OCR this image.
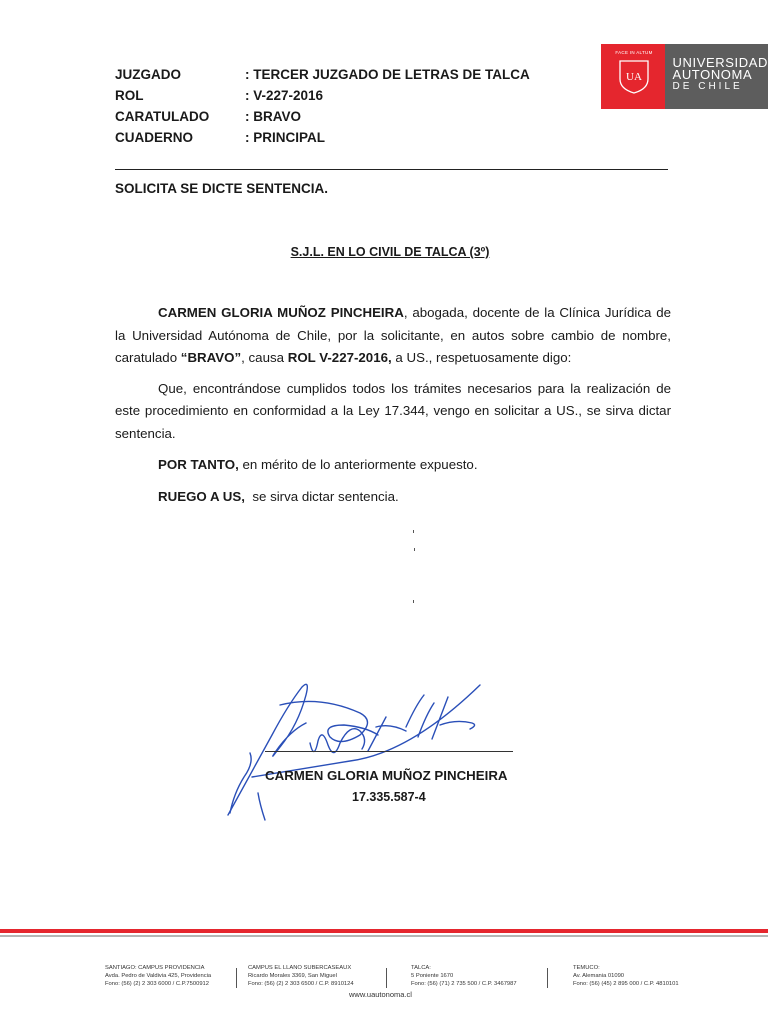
JUZGADO	: TERCER JUZGADO DE LETRAS DE TALCA
ROL	: V-227-2016
CARATULADO	: BRAVO
CUADERNO	: PRINCIPAL
FACE IN ALTUM
UA
UNIVERSIDAD
AUTONOMA
DE CHILE
SOLICITA SE DICTE SENTENCIA.
S.J.L. EN LO CIVIL DE TALCA (3º)

CARMEN GLORIA MUÑOZ PINCHEIRA, abogada, docente de la Clínica Jurídica de la Universidad Autónoma de Chile, por la solicitante, en autos sobre cambio de nombre, caratulado “BRAVO”, causa ROL V-227-2016, a US., respetuosamente digo:

Que, encontrándose cumplidos todos los trámites necesarios para la realización de este procedimiento en conformidad a la Ley 17.344, vengo en solicitar a US., se sirva dictar sentencia.

POR TANTO, en mérito de lo anteriormente expuesto.

RUEGO A US,  se sirva dictar sentencia.

CARMEN GLORIA MUÑOZ PINCHEIRA
17.335.587-4
SANTIAGO: CAMPUS PROVIDENCIA
Avda. Pedro de Valdivia 425, Providencia
Fono: (56) (2) 2 303 6000 / C.P.7500912
CAMPUS EL LLANO SUBERCASEAUX
Ricardo Morales 3369, San Miguel
Fono: (56) (2) 2 303 6500 / C.P. 8910124
TALCA:
5 Poniente 1670
Fono: (56) (71) 2 735 500 / C.P. 3467987
TEMUCO:
Av. Alemania 01090
Fono: (56) (45) 2 895 000 / C.P. 4810101
www.uautonoma.cl
